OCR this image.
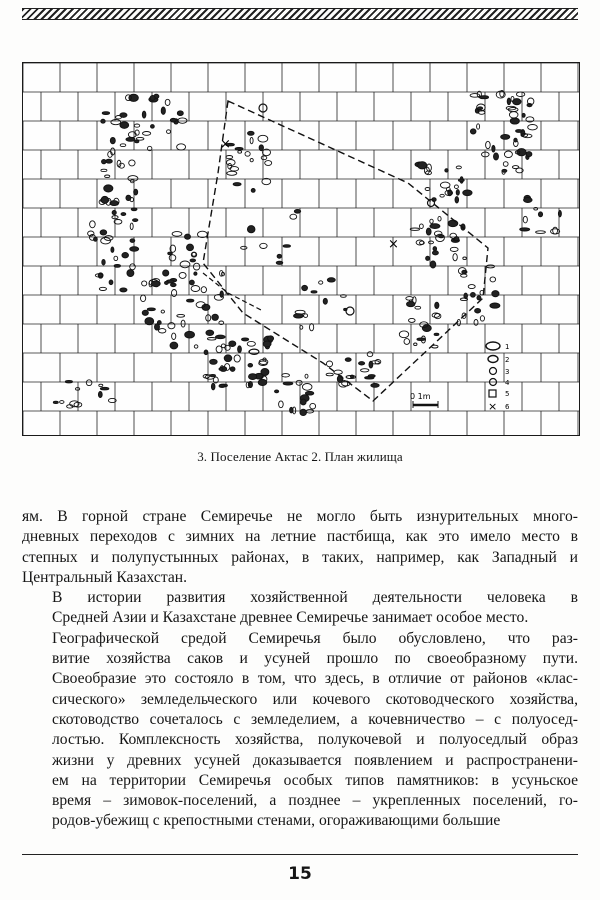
×
×
×
1
2
3
4
5
6
0 1m
3. Поселение Актас 2. План жилища

ям. В горной стране Семиречье не могло быть изнурительных много-
дневных переходов с зимних на летние пастбища, как это имело место в
степных и полупустынных районах, в таких, например, как Западный и
Центральный Казахстан.

В истории развития хозяйственной деятельности человека в
Средней Азии и Казахстане древнее Семиречье занимает особое место.

Географической средой Семиречья было обусловлено, что раз-
витие хозяйства саков и усуней прошло по своеобразному пути.
Своеобразие это состояло в том, что здесь, в отличие от районов «клас-
сического» земледельческого или кочевого скотоводческого хозяйства,
скотоводство сочеталось с земледелием, а кочевничество – с полуосед-
лостью. Комплексность хозяйства, полукочевой и полуоседлый образ
жизни у древних усуней доказывается появлением и распространени-
ем на территории Семиречья особых типов памятников: в усуньское
время – зимовок-поселений, а позднее – укрепленных поселений, го-
родов-убежищ с крепостными стенами, огораживающими большие

15
